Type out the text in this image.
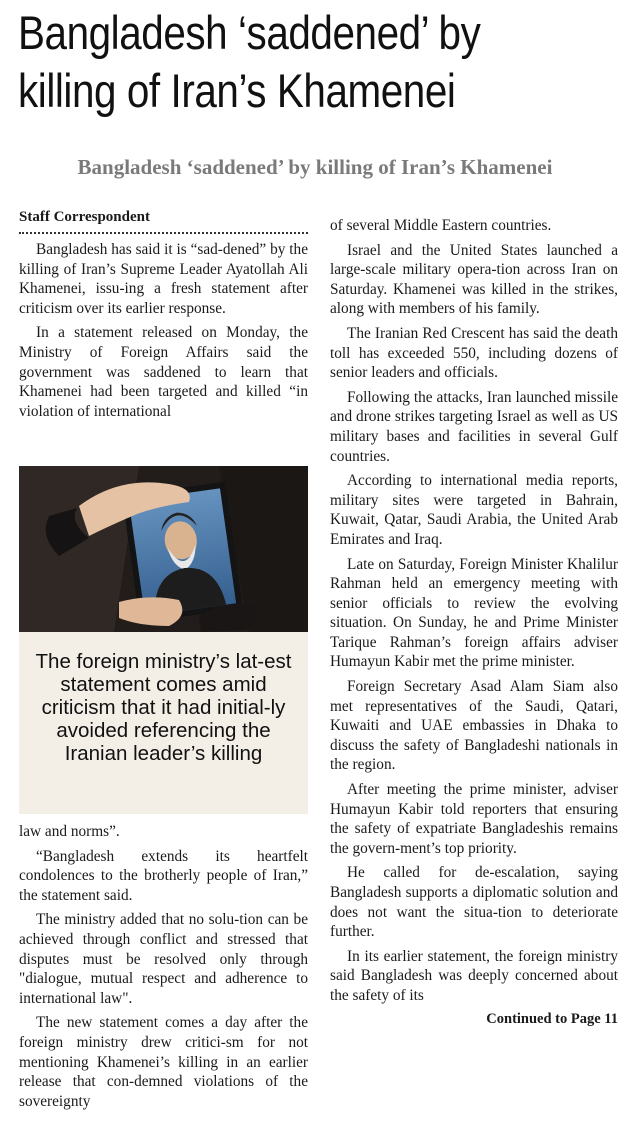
Bangladesh ‘saddened’ by
killing of Iran’s Khamenei
Bangladesh ‘saddened’ by killing of Iran’s Khamenei
Staff Correspondent

Bangladesh has said it is “sad-dened” by the killing of Iran’s Supreme Leader Ayatollah Ali Khamenei, issu-ing a fresh statement after criticism over its earlier response.

In a statement released on Monday, the Ministry of Foreign Affairs said the government was saddened to learn that Khamenei had been targeted and killed “in violation of international

The foreign ministry’s lat-est statement comes amid criticism that it had initial-ly avoided referencing the Iranian leader’s killing

law and norms”.

“Bangladesh extends its heartfelt condolences to the brotherly people of Iran,” the statement said.

The ministry added that no solu-tion can be achieved through conflict and stressed that disputes must be resolved only through "dialogue, mutual respect and adherence to international law".

The new statement comes a day after the foreign ministry drew critici-sm for not mentioning Khamenei’s killing in an earlier release that con-demned violations of the sovereignty

of several Middle Eastern countries.

Israel and the United States launched a large-scale military opera-tion across Iran on Saturday. Khamenei was killed in the strikes, along with members of his family.

The Iranian Red Crescent has said the death toll has exceeded 550, including dozens of senior leaders and officials.

Following the attacks, Iran launched missile and drone strikes targeting Israel as well as US military bases and facilities in several Gulf countries.

According to international media reports, military sites were targeted in Bahrain, Kuwait, Qatar, Saudi Arabia, the United Arab Emirates and Iraq.

Late on Saturday, Foreign Minister Khalilur Rahman held an emergency meeting with senior officials to review the evolving situation. On Sunday, he and Prime Minister Tarique Rahman’s foreign affairs adviser Humayun Kabir met the prime minister.

Foreign Secretary Asad Alam Siam also met representatives of the Saudi, Qatari, Kuwaiti and UAE embassies in Dhaka to discuss the safety of Bangladeshi nationals in the region.

After meeting the prime minister, adviser Humayun Kabir told reporters that ensuring the safety of expatriate Bangladeshis remains the govern-ment’s top priority.

He called for de-escalation, saying Bangladesh supports a diplomatic solution and does not want the situa-tion to deteriorate further.

In its earlier statement, the foreign ministry said Bangladesh was deeply concerned about the safety of its

Continued to Page 11
